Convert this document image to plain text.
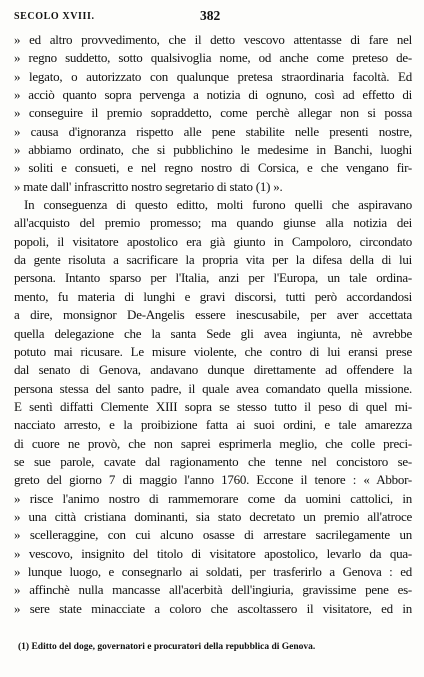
SECOLO XVIII.	382
» ed altro provvedimento, che il detto vescovo attentasse di fare nel
» regno suddetto, sotto qualsivoglia nome, od anche come preteso de-
» legato, o autorizzato con qualunque pretesa straordinaria facoltà. Ed
» acciò quanto sopra pervenga a notizia di ognuno, così ad effetto di
» conseguire il premio sopraddetto, come perchè allegar non si possa
» causa d'ignoranza rispetto alle pene stabilite nelle presenti nostre,
» abbiamo ordinato, che si pubblichino le medesime in Banchi, luoghi
» soliti e consueti, e nel regno nostro di Corsica, e che vengano fir-
» mate dall' infrascritto nostro segretario di stato (1) ».
In conseguenza di questo editto, molti furono quelli che aspiravano
all'acquisto del premio promesso; ma quando giunse alla notizia dei
popoli, il visitatore apostolico era già giunto in Campoloro, circondato
da gente risoluta a sacrificare la propria vita per la difesa della di lui
persona. Intanto sparso per l'Italia, anzi per l'Europa, un tale ordina-
mento, fu materia di lunghi e gravi discorsi, tutti però accordandosi
a dire, monsignor De-Angelis essere inescusabile, per aver accettata
quella delegazione che la santa Sede gli avea ingiunta, nè avrebbe
potuto mai ricusare. Le misure violente, che contro di lui eransi prese
dal senato di Genova, andavano dunque direttamente ad offendere la
persona stessa del santo padre, il quale avea comandato quella missione.
E sentì diffatti Clemente XIII sopra se stesso tutto il peso di quel mi-
nacciato arresto, e la proibizione fatta ai suoi ordini, e tale amarezza
di cuore ne provò, che non saprei esprimerla meglio, che colle preci-
se sue parole, cavate dal ragionamento che tenne nel concistoro se-
greto del giorno 7 di maggio l'anno 1760. Eccone il tenore : « Abbor-
» risce l'animo nostro di rammemorare come da uomini cattolici, in
» una città cristiana dominanti, sia stato decretato un premio all'atroce
» scelleraggine, con cui alcuno osasse di arrestare sacrilegamente un
» vescovo, insignito del titolo di visitatore apostolico, levarlo da qua-
» lunque luogo, e consegnarlo ai soldati, per trasferirlo a Genova : ed
» affinchè nulla mancasse all'acerbità dell'ingiuria, gravissime pene es-
» sere state minacciate a coloro che ascoltassero il visitatore, ed in
(1) Editto del doge, governatori e procuratori della repubblica di Genova.
